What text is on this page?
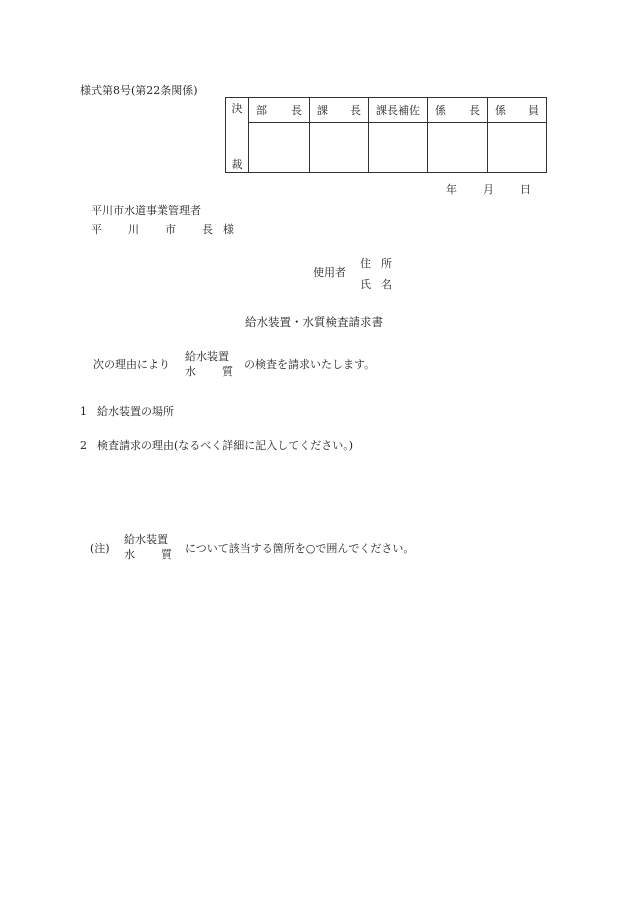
様式第8号(第22条関係)
決
裁	部 長	課 長	課長補佐	係 長	係 員

年 月 日
平川市水道事業管理者
平 川 市 長 様
使用者
住 所
氏 名
給水装置・水質検査請求書
次の理由により
給水装置
水 質
の検査を請求いたします。
1 給水装置の場所
2 検査請求の理由(なるべく詳細に記入してください。)
(注)
給水装置
水 質 について該当する箇所を○で囲んでください。
